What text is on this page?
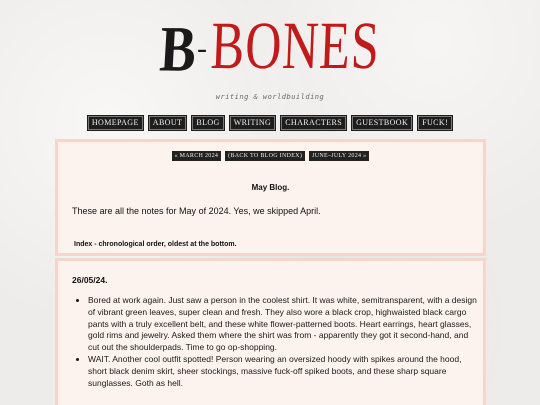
B-BONES
writing & worldbuilding
HOMEPAGE ABOUT BLOG WRITING CHARACTERS GUESTBOOK FUCK!
« MARCH 2024 (BACK TO BLOG INDEX) JUNE–JULY 2024 »
May Blog.
These are all the notes for May of 2024. Yes, we skipped April.
Index - chronological order, oldest at the bottom.
26/05/24.
• Bored at work again. Just saw a person in the coolest shirt. It was white, semitransparent, with a design of vibrant green leaves, super clean and fresh. They also wore a black crop, highwaisted black cargo pants with a truly excellent belt, and these white flower-patterned boots. Heart earrings, heart glasses, gold rims and jewelry. Asked them where the shirt was from - apparently they got it second-hand, and cut out the shoulderpads. Time to go op-shopping.
• WAIT. Another cool outfit spotted! Person wearing an oversized hoody with spikes around the hood, short black denim skirt, sheer stockings, massive fuck-off spiked boots, and these sharp square sunglasses. Goth as hell.
